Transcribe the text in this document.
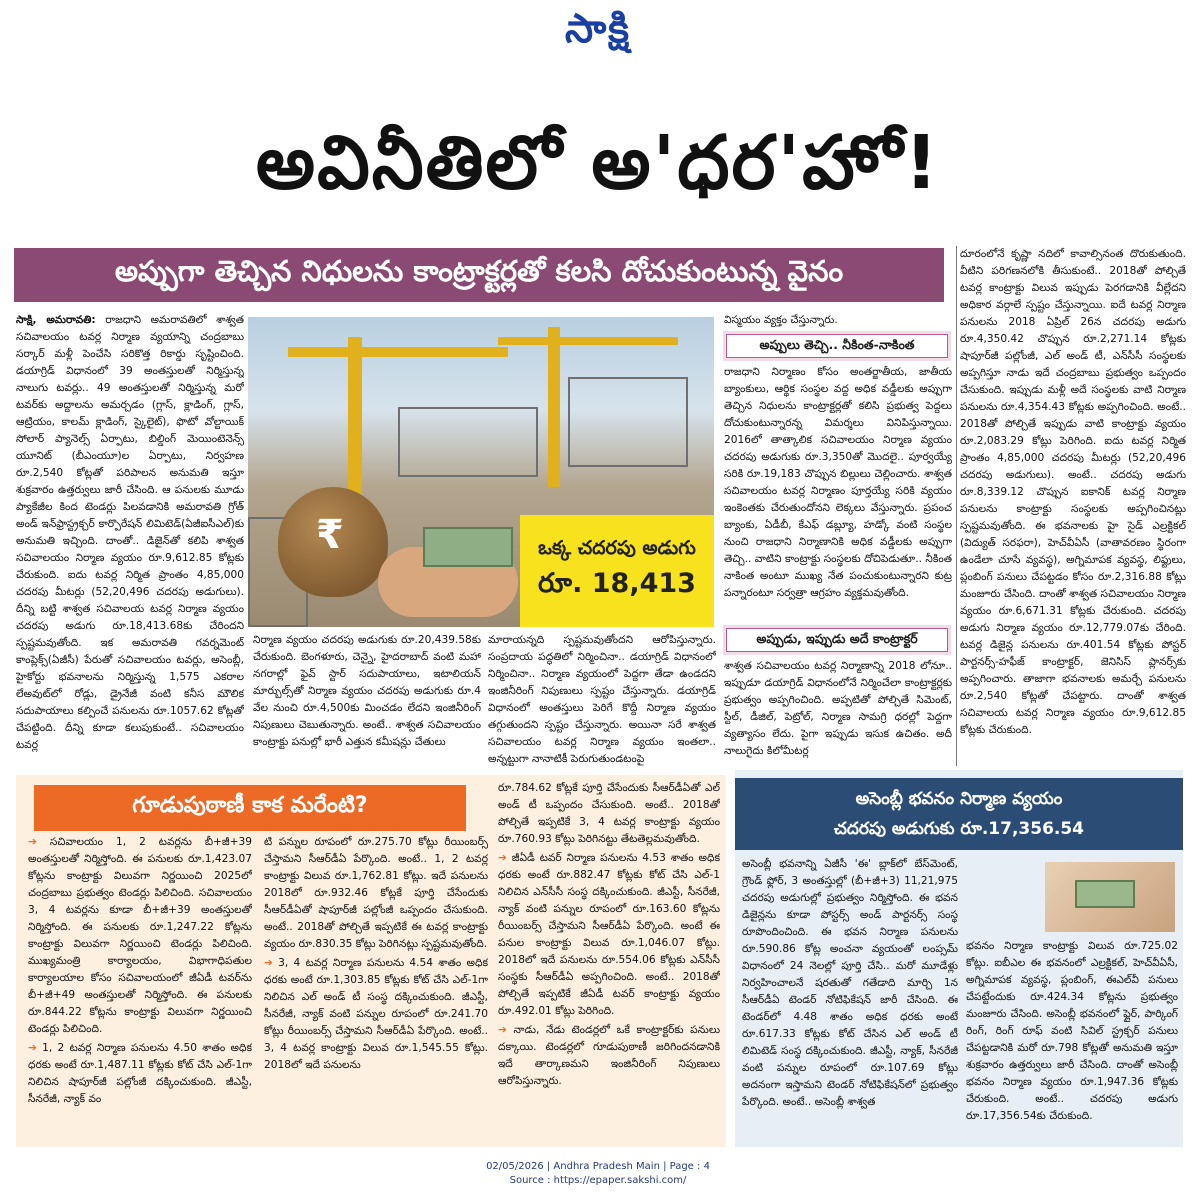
సాక్షి
అవినీతిలో అ'ధర'హో!
అప్పుగా తెచ్చిన నిధులను కాంట్రాక్టర్లతో కలసి దోచుకుంటున్న వైనం

సాక్షి, అమరావతి: రాజధాని అమరావతిలో శాశ్వత సచివాలయం టవర్ల నిర్మాణ వ్యయాన్ని చంద్రబాబు సర్కార్ మళ్లీ పెంచేసి సరికొత్త రికార్డు సృష్టించింది. డయాగ్రిడ్ విధానంలో 39 అంతస్తులతో నిర్మిస్తున్న నాలుగు టవర్లు.. 49 అంతస్తులతో నిర్మిస్తున్న మరో టవర్‌కు అద్దాలను అమర్చడం (గ్లాస్, క్లాడింగ్, గ్లాస్, ఆట్రియం, కాలమ్ క్లాడింగ్, స్కైలైట్), ఫొటో వోల్టాయిక్ సోలార్ ప్యానెల్స్ ఏర్పాటు, బిల్డింగ్ మెయింటెనెన్స్ యూనిట్ (బీఎంయూ)ల ఏర్పాటు, నిర్వహణ రూ.2,540 కోట్లతో పరిపాలన అనుమతి ఇస్తూ శుక్రవారం ఉత్తర్వులు జారీ చేసింది. ఆ పనులకు మూడు ప్యాకేజీల కింద టెండర్లు పిలవడానికి అమరావతి గ్రోత్ అండ్ ఇన్‌ఫ్రాస్ట్రక్చర్ కార్పొరేషన్ లిమిటెడ్(ఏజీఐసీఎల్)కు అనుమతి ఇచ్చింది. దాంతో.. డిజైన్‌తో కలిపి శాశ్వత సచివాలయం నిర్మాణ వ్యయం రూ.9,612.85 కోట్లకు చేరుకుంది. ఐదు టవర్ల నిర్మిత ప్రాంతం 4,85,000 చదరపు మీటర్లు (52,20,496 చదరపు అడుగులు). దీన్ని బట్టి శాశ్వత సచివాలయ టవర్ల నిర్మాణ వ్యయం చదరపు అడుగు రూ.18,413.68కు చేరిందని స్పష్టమవుతోంది. ఇక అమరావతి గవర్నమెంట్ కాంప్లెక్స్(ఏజీసీ) పేరుతో సచివాలయం టవర్లు, అసెంబ్లీ, హైకోర్టు భవనాలను నిర్మిస్తున్న 1,575 ఎకరాల లేఅవుట్‌లో రోడ్లు, డ్రైనేజీ వంటి కనీస మౌలిక సదుపాయాలు కల్పించే పనులను రూ.1057.62 కోట్లతో చేపట్టింది. దీన్ని కూడా కలుపుకుంటే.. సచివాలయం టవర్ల

₹	ఒక్క చదరపు అడుగు
రూ. 18,413

నిర్మాణ వ్యయం చదరపు అడుగుకు రూ.20,439.58కు చేరుకుంది. బెంగళూరు, చెన్నై, హైదరాబాద్ వంటి మహా నగరాల్లో ఫైవ్ స్టార్ సదుపాయాలు, ఇటాలియన్ మార్బుల్స్‌తో నిర్మాణ వ్యయం చదరపు అడుగుకు రూ.4 వేల నుంచి రూ.4,500కు మించడం లేదని ఇంజినీరింగ్ నిపుణులు చెబుతున్నారు. అంటే.. శాశ్వత సచివాలయం కాంట్రాక్టు పనుల్లో భారీ ఎత్తున కమీషన్లు చేతులు

మారాయన్నది స్పష్టమవుతోందని ఆరోపిస్తున్నారు. సంప్రదాయ పద్ధతిలో నిర్మించినా.. డయాగ్రిడ్ విధానంలో నిర్మించినా.. నిర్మాణ వ్యయంలో పెద్దగా తేడా ఉండదని ఇంజినీరింగ్ నిపుణులు స్పష్టం చేస్తున్నారు. డయాగ్రిడ్ విధానంలో అంతస్తులు పెరిగే కొద్దీ నిర్మాణ వ్యయం తగ్గుతుందని స్పష్టం చేస్తున్నారు. అయినా సరే శాశ్వత సచివాలయం టవర్ల నిర్మాణ వ్యయం ఇంతలా.. అన్నట్టుగా నానాటికీ పెరుగుతుండటంపై

విస్మయం వ్యక్తం చేస్తున్నారు.

అప్పులు తెచ్చి.. నీకింత-నాకింత

రాజధాని నిర్మాణం కోసం అంతర్జాతీయ, జాతీయ బ్యాంకులు, ఆర్థిక సంస్థల వద్ద అధిక వడ్డీలకు అప్పుగా తెచ్చిన నిధులను కాంట్రాక్టర్లతో కలిసి ప్రభుత్వ పెద్దలు దోచుకుంటున్నారన్న విమర్శలు వినిపిస్తున్నాయి. 2016లో తాత్కాలిక సచివాలయం నిర్మాణ వ్యయం చదరపు అడుగుకు రూ.3,350తో మొదలై.. పూర్వయ్యే సరికి రూ.19,183 చొప్పున బిల్లులు చెల్లించారు. శాశ్వత సచివాలయం టవర్ల నిర్మాణం పూర్తయ్యే సరికి వ్యయం ఇంకెంతకు చేరుతుందోనని లెక్కలు వేస్తున్నారు. ప్రపంచ బ్యాంకు, ఏడీబీ, కేఎఫ్ డబ్ల్యూ, హడ్కో వంటి సంస్థల నుంచి రాజధాని నిర్మాణానికి అధిక వడ్డీలకు అప్పుగా తెచ్చి.. వాటిని కాంట్రాక్టు సంస్థలకు దోచిపెడుతూ.. నీకింత నాకింత అంటూ ముఖ్య నేత పంచుకుంటున్నారని కుట్ర పన్నారంటూ సర్వత్రా ఆగ్రహం వ్యక్తమవుతోంది.

అప్పుడు, ఇప్పుడు అదే కాంట్రాక్టర్

శాశ్వత సచివాలయం టవర్ల నిర్మాణాన్ని 2018 లోనూ.. ఇప్పుడూ డయాగ్రిడ్ విధానంలోనే నిర్మించేలా కాంట్రాక్టర్లకు ప్రభుత్వం అప్పగించింది. అప్పటితో పోల్చితే సిమెంట్, స్టీల్, డీజిల్, పెట్రోల్, నిర్మాణ సామగ్రి ధరల్లో పెద్దగా వ్యత్యాసం లేదు. పైగా ఇప్పుడు ఇసుక ఉచితం. అదీ నాలుగైదు కిలోమీటర్ల

దూరంలోనే కృష్ణా నదిలో కావాల్సినంత దొరుకుతుంది. వీటిని పరిగణనలోకి తీసుకుంటే.. 2018తో పోల్చితే టవర్ల కాంట్రాక్టు విలువ ఇప్పుడు పెరగడానికి వీల్లేదని అధికార వర్గాలే స్పష్టం చేస్తున్నాయి. ఐదే టవర్ల నిర్మాణ పనులను 2018 ఏప్రిల్ 26న చదరపు అడుగు రూ.4,350.42 చొప్పున రూ.2,271.14 కోట్లకు షాపూర్‌జీ పల్లోంజీ, ఎల్ అండ్ టీ, ఎన్‌సీసీ సంస్థలకు అప్పగిస్తూ నాడు ఇదే చంద్రబాబు ప్రభుత్వం ఒప్పందం చేసుకుంది. ఇప్పుడు మళ్లీ అదే సంస్థలకు వాటి నిర్మాణ పనులను రూ.4,354.43 కోట్లకు అప్పగించింది. అంటే.. 2018తో పోల్చితే ఇప్పుడు వాటి కాంట్రాక్టు వ్యయం రూ.2,083.29 కోట్లు పెరిగింది. ఐదు టవర్ల నిర్మిత ప్రాంతం 4,85,000 చదరపు మీటర్లు (52,20,496 చదరపు అడుగులు). అంటే.. చదరపు అడుగు రూ.8,339.12 చొప్పున ఐకానిక్ టవర్ల నిర్మాణ పనులను కాంట్రాక్టు సంస్థలకు అప్పగించినట్లు స్పష్టమవుతోంది. ఈ భవనాలకు హై సైడ్ ఎల్రక్టికల్ (విద్యుత్ సరఫరా), హెచ్‌వీఏసీ (వాతావరణం స్థిరంగా ఉండేలా చూసే వ్యవస్థ), అగ్నిమాపక వ్యవస్థ, లిఫ్టులు, ప్లంబింగ్ పనులు చేపట్టడం కోసం రూ.2,316.88 కోట్లు మంజూరు చేసింది. దాంతో శాశ్వత సచివాలయం నిర్మాణ వ్యయం రూ.6,671.31 కోట్లకు చేరుకుంది. చదరపు అడుగు నిర్మాణ వ్యయం రూ.12,779.07కు చేరింది. టవర్ల డిజైన్ల పనులను రూ.401.54 కోట్లకు పోస్టర్ పార్టనర్స్-హఫీజ్ కాంట్రాక్టర్, జెనిసిస్ ప్లానర్స్‌కు అప్పగించారు. తాజాగా భవనాలకు అమర్చే పనులను రూ.2,540 కోట్లతో చేపట్టారు. దాంతో శాశ్వత సచివాలయ టవర్ల నిర్మాణ వ్యయం రూ.9,612.85 కోట్లకు చేరుకుంది.

గూడుపుఠాణీ కాక మరేంటి?

➔ సచివాలయం 1, 2 టవర్లను బీ+జీ+39 అంతస్తులతో నిర్మిస్తోంది. ఈ పనులకు రూ.1,423.07 కోట్లను కాంట్రాక్టు విలువగా నిర్ణయించి 2025లో చంద్రబాబు ప్రభుత్వం టెండర్లు పిలిచింది. సచివాలయం 3, 4 టవర్లను కూడా బీ+జీ+39 అంతస్తులతో నిర్మిస్తోంది. ఈ పనులకు రూ.1,247.22 కోట్లను కాంట్రాక్టు విలువగా నిర్ణయించి టెండర్లు పిలిచింది. ముఖ్యమంత్రి కార్యాలయం, విభాగాధిపతుల కార్యాలయాల కోసం సచివాలయంలో జీఏడీ టవర్‌ను బీ+జీ+49 అంతస్తులతో నిర్మిస్తోంది. ఈ పనులకు రూ.844.22 కోట్లను కాంట్రాక్టు విలువగా నిర్ణయించి టెండర్లు పిలిచింది.

➔ 1, 2 టవర్ల నిర్మాణ పనులను 4.50 శాతం అధిక ధరకు అంటే రూ.1,487.11 కోట్లకు కోట్ చేసి ఎల్-1గా నిలిచిన షాపూర్‌జీ పల్లోంజీ దక్కించుకుంది. జీఎస్టీ, సీనరేజీ, న్యాక్ వం

టి పన్నుల రూపంలో రూ.275.70 కోట్లు రీయింబర్స్ చేస్తామని సీఆర్‌డీఏ పేర్కొంది. అంటే.. 1, 2 టవర్ల కాంట్రాక్టు విలువ రూ.1,762.81 కోట్లు. ఇదే పనులను 2018లో రూ.932.46 కోట్లకే పూర్తి చేసేందుకు సీఆర్‌డీఏతో షాపూర్‌జీ పల్లోంజీ ఒప్పందం చేసుకుంది. అంటే.. 2018తో పోల్చితే ఇప్పటికే ఈ టవర్ల కాంట్రాక్టు వ్యయం రూ.830.35 కోట్లు పెరిగినట్లు స్పష్టమవుతోంది.

➔ 3, 4 టవర్ల నిర్మాణ పనులను 4.54 శాతం అధిక ధరకు అంటే రూ.1,303.85 కోట్లకు కోట్ చేసి ఎల్-1గా నిలిచిన ఎల్ అండ్ టీ సంస్థ దక్కించుకుంది. జీఎస్టీ, సీనరేజీ, న్యాక్ వంటి పన్నుల రూపంలో రూ.241.70 కోట్లు రీయింబర్స్ చేస్తామని సీఆర్‌డీఏ పేర్కొంది. అంటే.. 3, 4 టవర్ల కాంట్రాక్టు విలువ రూ.1,545.55 కోట్లు. 2018లో ఇదే పనులను

రూ.784.62 కోట్లకే పూర్తి చేసేందుకు సీఆర్‌డీఏతో ఎల్ అండ్ టీ ఒప్పందం చేసుకుంది. అంటే.. 2018తో పోల్చితే ఇప్పటికే 3, 4 టవర్ల కాంట్రాక్టు వ్యయం రూ.760.93 కోట్లు పెరిగినట్టు తేటతెల్లమవుతోంది.

➔ జీఏడీ టవర్ నిర్మాణ పనులను 4.53 శాతం అధిక ధరకు అంటే రూ.882.47 కోట్లకు కోట్ చేసి ఎల్-1 నిలిచిన ఎన్‌సీసీ సంస్థ దక్కించుకుంది. జీఎస్టీ, సీనరేజీ, న్యాక్ వంటి పన్నుల రూపంలో రూ.163.60 కోట్లను రీయింబర్స్ చేస్తామని సీఆర్‌డీఏ పేర్కొంది. అంటే ఈ పనుల కాంట్రాక్టు విలువ రూ.1,046.07 కోట్లు. 2018లో ఇదే పనులను రూ.554.06 కోట్లకు ఎన్‌సీసీ సంస్థకు సీఆర్‌డీఏ అప్పగించింది. అంటే.. 2018తో పోల్చితే ఇప్పటికే జీఏడీ టవర్ కాంట్రాక్టు వ్యయం రూ.492.01 కోట్లు పెరిగింది.

➔ నాడు, నేడు టెండర్లలో ఒకే కాంట్రాక్టర్‌కు పనులు దక్కాయి. టెండర్లలో గూడుపుఠాణీ జరిగిందనడానికి ఇదే తార్కాణమని ఇంజినీరింగ్ నిపుణులు ఆరోపిస్తున్నారు.

అసెంబ్లీ భవనం నిర్మాణ వ్యయం
చదరపు అడుగుకు రూ.17,356.54

అసెంబ్లీ భవనాన్ని ఏజీసీ 'ఈ' బ్లాక్‌లో బేస్‌మెంట్, గ్రౌండ్ ఫ్లోర్, 3 అంతస్తుల్లో (బీ+జీ+3) 11,21,975 చదరపు అడుగుల్లో ప్రభుత్వం నిర్మిస్తోంది. ఈ భవన డిజైన్లను కూడా పోస్టర్స్ అండ్ పార్టనర్స్ సంస్థ రూపొందించింది. ఈ భవన నిర్మాణ పనులను రూ.590.86 కోట్ల అంచనా వ్యయంతో లంప్సమ్ విధానంలో 24 నెలల్లో పూర్తి చేసి.. మరో మూడేళ్లు నిర్వహించాలనే షరతుతో గతేడాది మార్చి 1న సీఆర్‌డీఏ టెండర్ నోటిఫికేషన్ జారీ చేసింది. ఈ టెండర్‌లో 4.48 శాతం అధిక ధరకు అంటే రూ.617.33 కోట్లకు కోట్ చేసిన ఎల్ అండ్ టీ లిమిటెడ్ సంస్థ దక్కించుకుంది. జీఎస్టీ, న్యాక్, సీనరేజీ వంటి పన్నుల రూపంలో రూ.107.69 కోట్లు అదనంగా ఇస్తామని టెండర్ నోటిఫికేషన్‌లో ప్రభుత్వం పేర్కొంది. అంటే.. అసెంబ్లీ శాశ్వత

భవనం నిర్మాణ కాంట్రాక్టు విలువ రూ.725.02 కోట్లు. ఐబీఎల ఈ భవనంలో ఎల్రక్టికల్, హెచ్‌వీఏసీ, అగ్నిమాపక వ్యవస్థ, ప్లంబింగ్, ఈఎల్‌వీ పనులు చేపట్టేందుకు రూ.424.34 కోట్లను ప్రభుత్వం మంజూరు చేసింది. అసెంబ్లీ భవనంలో ఫ్లైర్, పార్కింగ్ రింగ్, రింగ్ రూఫ్ వంటి సివిల్ స్ట్రక్చర్ పనులు చేపట్టడానికి మరో రూ.798 కోట్లతో అనుమతి ఇస్తూ శుక్రవారం ఉత్తర్వులు జారీ చేసింది. దాంతో అసెంబ్లీ భవనం నిర్మాణ వ్యయం రూ.1,947.36 కోట్లకు చేరుకుంది. అంటే.. చదరపు అడుగు రూ.17,356.54కు చేరుకుంది.

02/05/2026 | Andhra Pradesh Main | Page : 4
Source : https://epaper.sakshi.com/
